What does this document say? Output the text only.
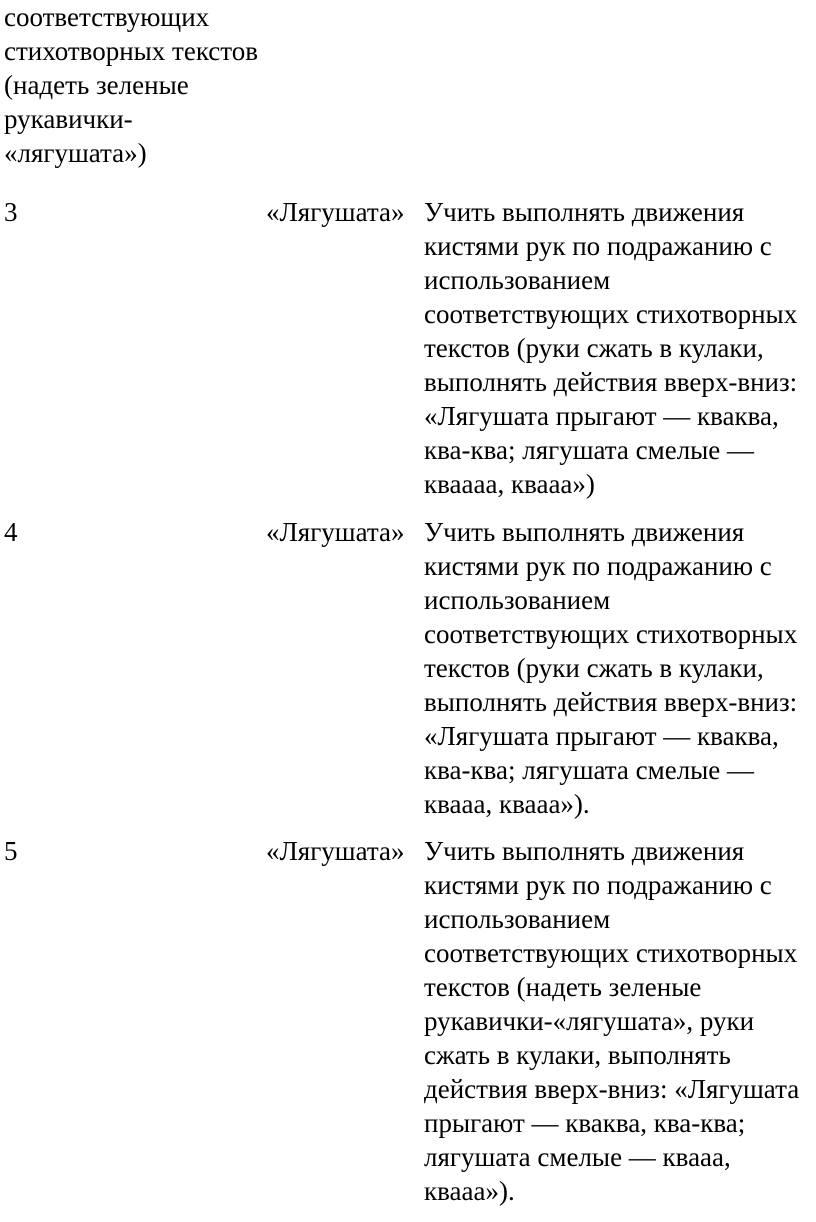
соответствующих
стихотворных текстов
(надеть зеленые
рукавички-
«лягушата»)
3	«Лягушата» Учить выполнять движения
кистями рук по подражанию с
использованием
соответствующих стихотворных
текстов (руки сжать в кулаки,
выполнять действия вверх-вниз:
«Лягушата прыгают — кваква,
ква-ква; лягушата смелые —
кваааа, квааа»)
4	«Лягушата» Учить выполнять движения
кистями рук по подражанию с
использованием
соответствующих стихотворных
текстов (руки сжать в кулаки,
выполнять действия вверх-вниз:
«Лягушата прыгают — кваква,
ква-ква; лягушата смелые —
квааа, квааа»).
5	«Лягушата» Учить выполнять движения
кистями рук по подражанию с
использованием
соответствующих стихотворных
текстов (надеть зеленые
рукавички-«лягушата», руки
сжать в кулаки, выполнять
действия вверх-вниз: «Лягушата
прыгают — кваква, ква-ква;
лягушата смелые — квааа,
квааа»).
